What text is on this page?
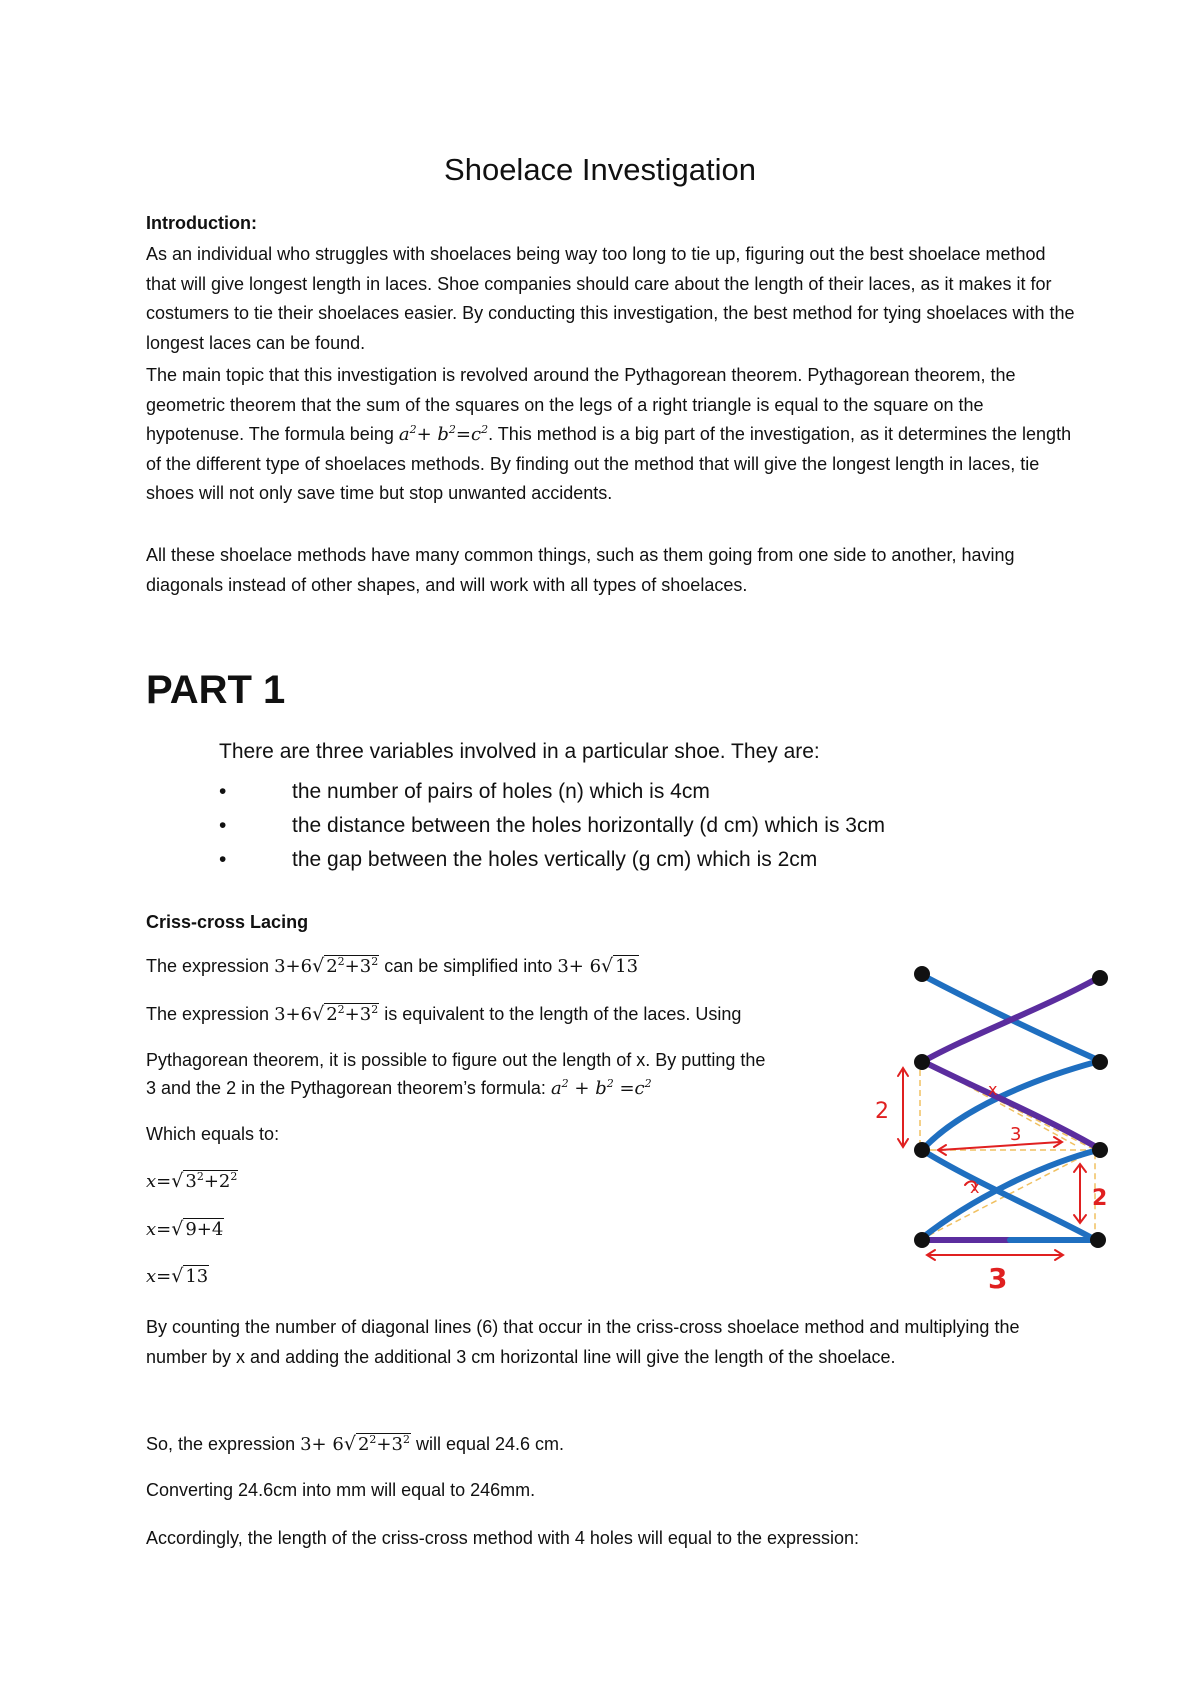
Shoelace Investigation
Introduction:

As an individual who struggles with shoelaces being way too long to tie up, figuring out the best shoelace method that will give longest length in laces. Shoe companies should care about the length of their laces, as it makes it for costumers to tie their shoelaces easier. By conducting this investigation, the best method for tying shoelaces with the longest laces can be found.

The main topic that this investigation is revolved around the Pythagorean theorem. Pythagorean theorem, the geometric theorem that the sum of the squares on the legs of a right triangle is equal to the square on the hypotenuse. The formula being $a^2+ b^2=c^2$. This method is a big part of the investigation, as it determines the length of the different type of shoelaces methods. By finding out the method that will give the longest length in laces, tie shoes will not only save time but stop unwanted accidents.

All these shoelace methods have many common things, such as them going from one side to another, having diagonals instead of other shapes, and will work with all types of shoelaces.

PART 1
There are three variables involved in a particular shoe. They are:
•	the number of pairs of holes (n) which is 4cm
•	the distance between the holes horizontally (d cm) which is 3cm
•	the gap between the holes vertically (g cm) which is 2cm
Criss-cross Lacing
The expression 3+6√ $2^2+3^2$ can be simplified into 3+ 6√ 13
The expression 3+6√ $2^2+3^2$ is equivalent to the length of the laces. Using
Pythagorean theorem, it is possible to figure out the length of x. By putting the
3 and the 2 in the Pythagorean theorem’s formula: $a^2 + b^2 =c^2$
Which equals to:
x=√ $3^2+2^2$
x=√ 9+4
x=√ 13

By counting the number of diagonal lines (6) that occur in the criss-cross shoelace method and multiplying the number by x and adding the additional 3 cm horizontal line will give the length of the shoelace.

So, the expression 3+ 6√ $2^2+3^2$ will equal 24.6 cm.
Converting 24.6cm into mm will equal to 246mm.
Accordingly, the length of the criss-cross method with 4 holes will equal to the expression:
2
3
2
3
x
x
